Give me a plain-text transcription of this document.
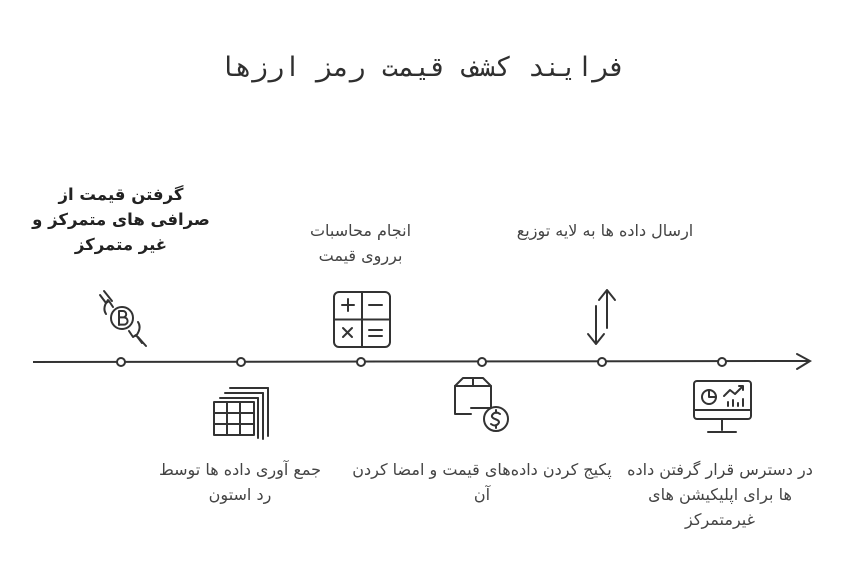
فرایند کشف قیمت رمز ارزها
گرفتن قیمت از صرافی های متمرکز و غیر متمرکز
جمع آوری داده ها توسط رد استون
انجام محاسبات برروی قیمت
پکیج کردن داده‌های قیمت و امضا کردن آن
ارسال داده ها به لایه توزیع
در دسترس قرار گرفتن داده ها برای اپلیکیشن های غیرمتمرکز
